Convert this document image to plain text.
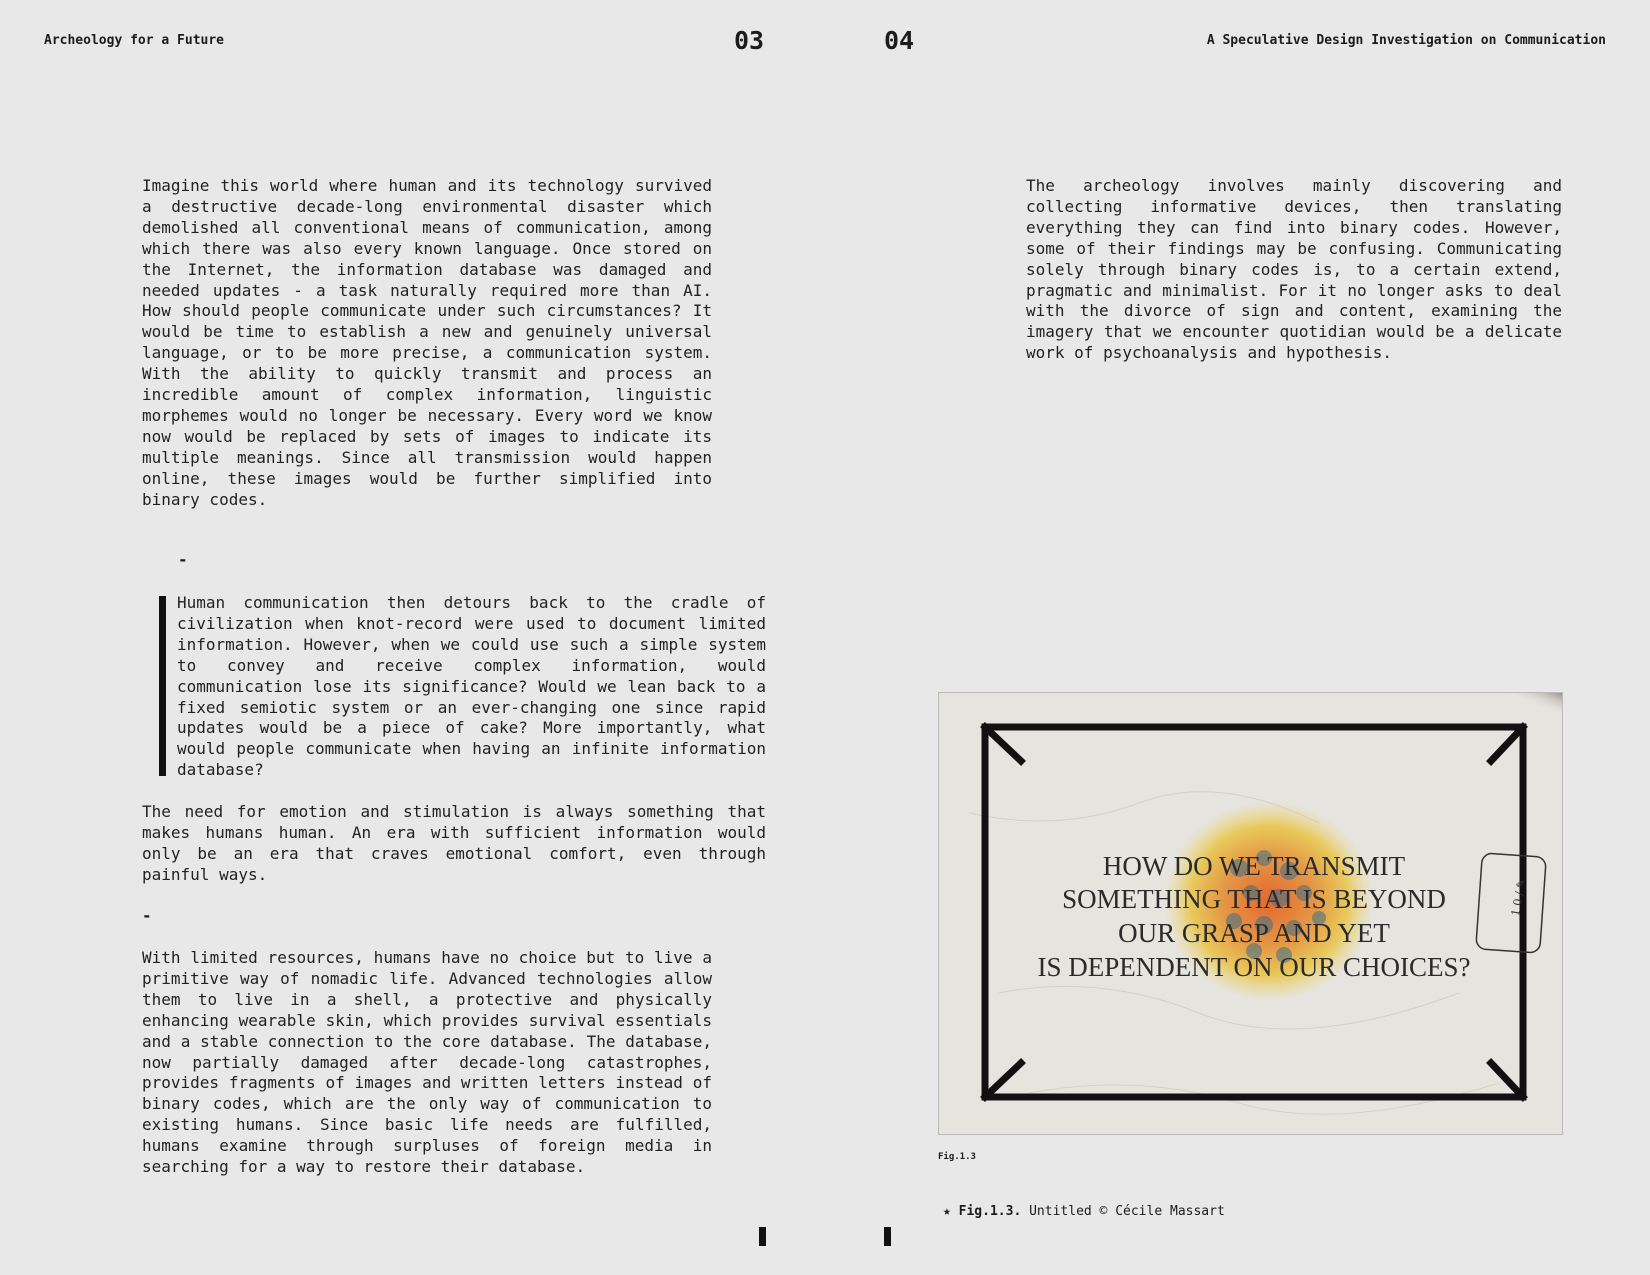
Archeology for a Future	03	04	A Speculative Design Investigation on Communication

Imagine this world where human and its technology survived a destructive decade-long environmental disaster which demolished all conventional means of communication, among which there was also every known language. Once stored on the Internet, the information database was damaged and needed updates - a task naturally required more than AI. How should people communicate under such circumstances? It would be time to establish a new and genuinely universal language, or to be more precise, a communication system. With the ability to quickly transmit and process an incredible amount of complex information, linguistic morphemes would no longer be necessary. Every word we know now would be replaced by sets of images to indicate its multiple meanings. Since all transmission would happen online, these images would be further simplified into binary codes.

-

Human communication then detours back to the cradle of civilization when knot-record were used to document limited information. However, when we could use such a simple system to convey and receive complex information, would communication lose its significance? Would we lean back to a fixed semiotic system or an ever-changing one since rapid updates would be a piece of cake? More importantly, what would people communicate when having an infinite information database?

The need for emotion and stimulation is always something that makes humans human. An era with sufficient information would only be an era that craves emotional comfort, even through painful ways.

-

With limited resources, humans have no choice but to live a primitive way of nomadic life. Advanced technologies allow them to live in a shell, a protective and physically enhancing wearable skin, which provides survival essentials and a stable connection to the core database. The database, now partially damaged after decade-long catastrophes, provides fragments of images and written letters instead of binary codes, which are the only way of communication to existing humans. Since basic life needs are fulfilled, humans examine through surpluses of foreign media in searching for a way to restore their database.

The archeology involves mainly discovering and collecting informative devices, then translating everything they can find into binary codes. However, some of their findings may be confusing. Communicating solely through binary codes is, to a certain extend, pragmatic and minimalist. For it no longer asks to deal with the divorce of sign and content, examining the imagery that we encounter quotidian would be a delicate work of psychoanalysis and hypothesis.

1 0 / ✎
HOW DO WE TRANSMIT
SOMETHING THAT IS BEYOND
OUR GRASP AND YET
IS DEPENDENT ON OUR CHOICES?
Fig.1.3
★ Fig.1.3. Untitled © Cécile Massart
